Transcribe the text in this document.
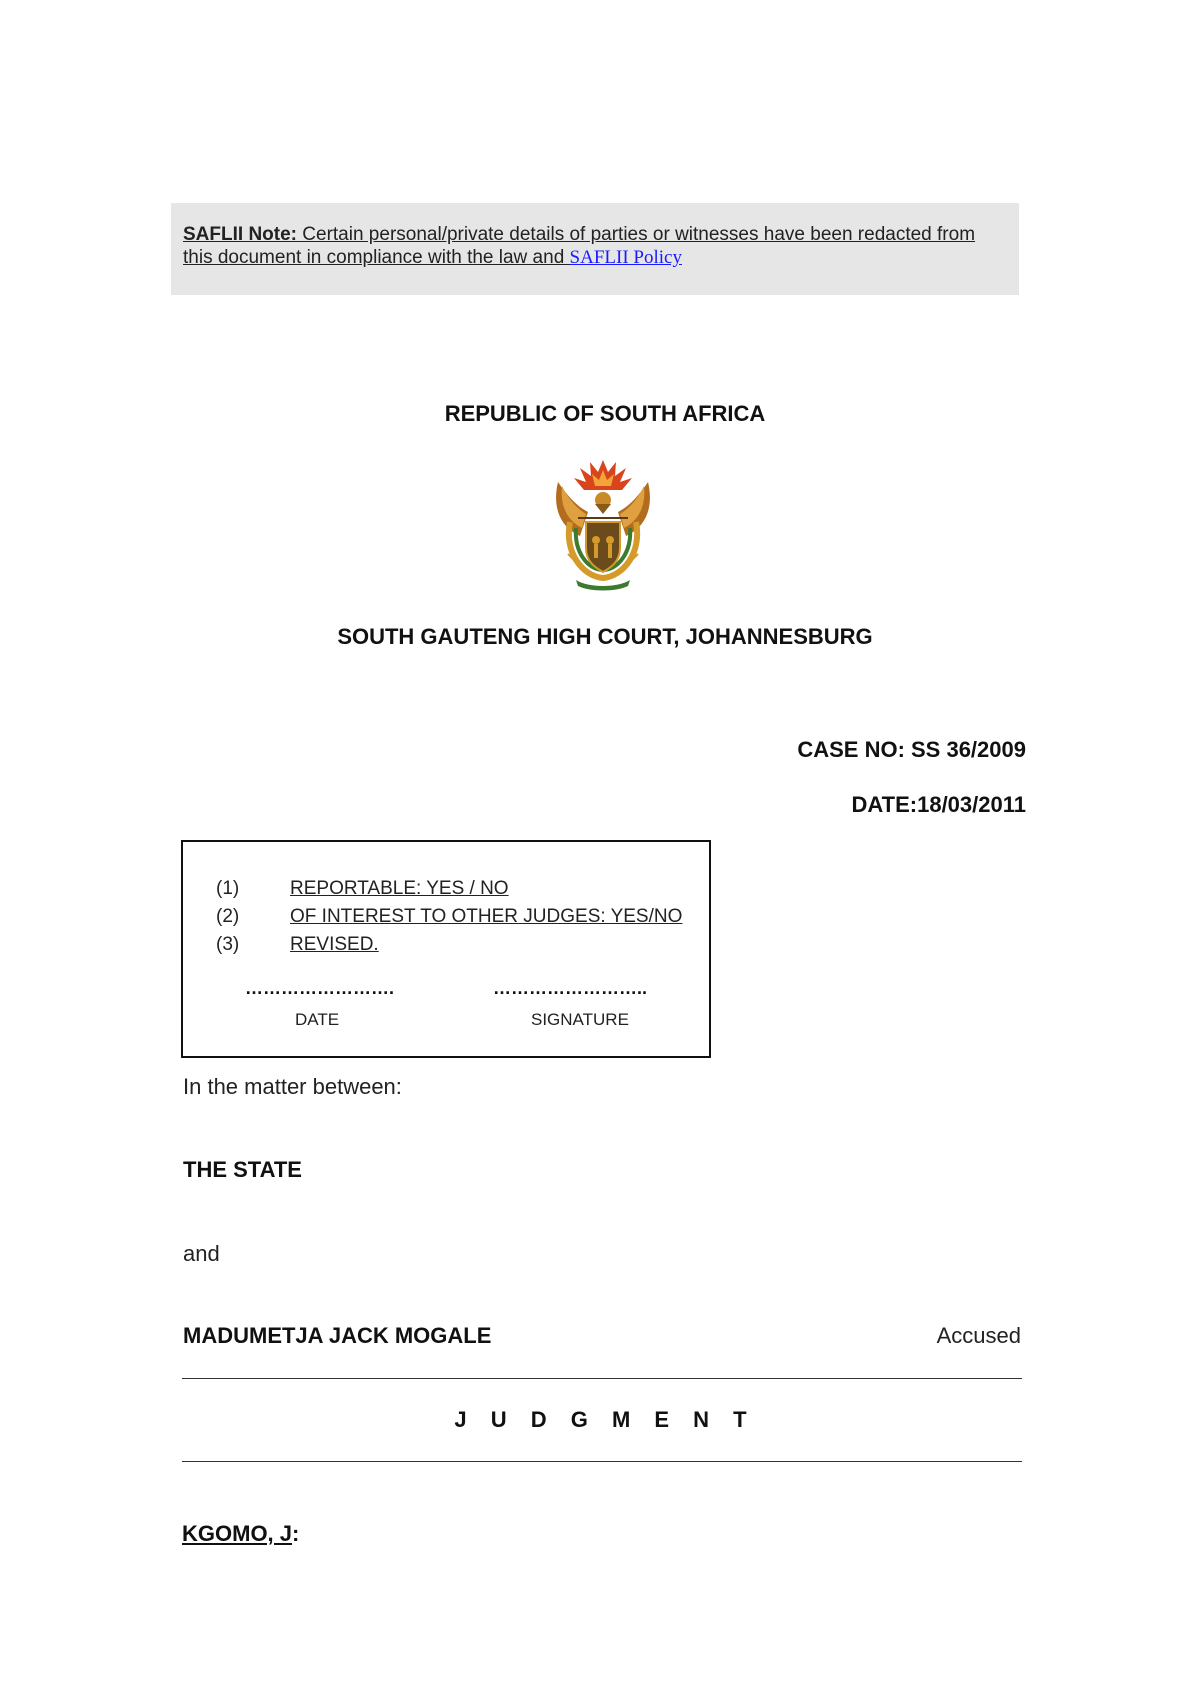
SAFLII Note: Certain personal/private details of parties or witnesses have been redacted from this document in compliance with the law and SAFLII Policy
REPUBLIC OF SOUTH AFRICA
SOUTH GAUTENG HIGH COURT, JOHANNESBURG
CASE NO: SS 36/2009
DATE:18/03/2011
(1)	REPORTABLE: YES / NO
(2)	OF INTEREST TO OTHER JUDGES: YES/NO
(3)	REVISED.
…………………….	……………………..
DATE	SIGNATURE
In the matter between:
THE STATE
and
MADUMETJA JACK MOGALE	Accused
J U D G M E N T
KGOMO, J:
